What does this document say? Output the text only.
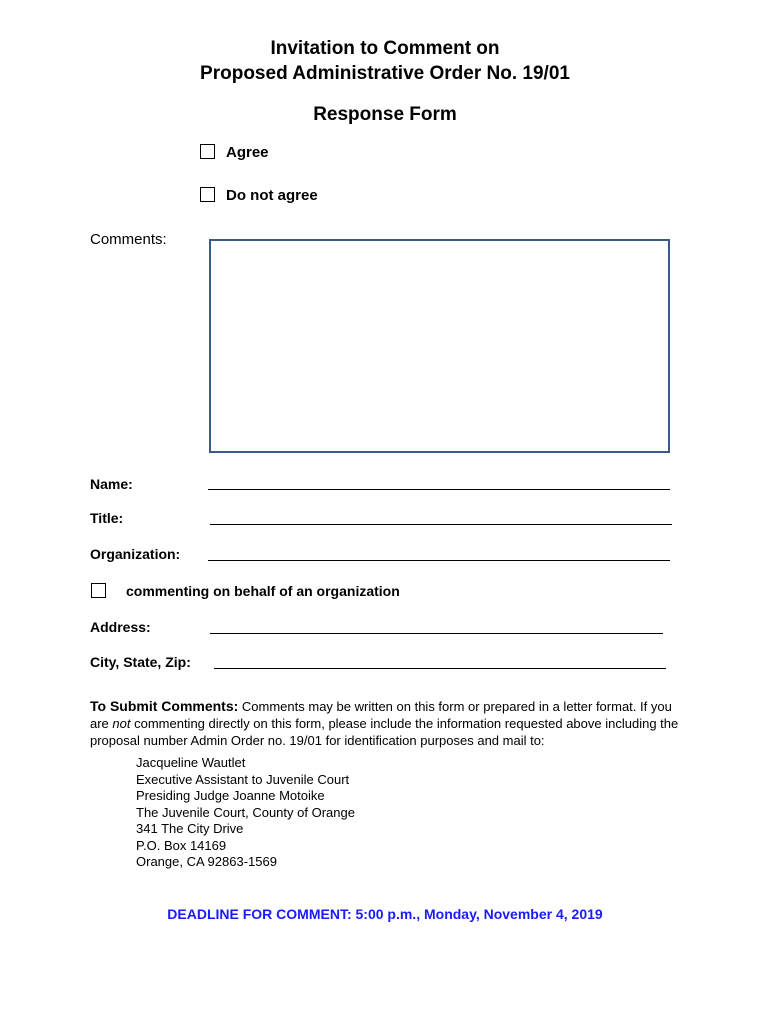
Invitation to Comment on
Proposed Administrative Order No. 19/01
Response Form
Agree
Do not agree
Comments:
Name:
Title:
Organization:
commenting on behalf of an organization
Address:
City, State, Zip:
To Submit Comments: Comments may be written on this form or prepared in a letter format. If you are not commenting directly on this form, please include the information requested above including the proposal number Admin Order no. 19/01 for identification purposes and mail to:
Jacqueline Wautlet
Executive Assistant to Juvenile Court
Presiding Judge Joanne Motoike
The Juvenile Court, County of Orange
341 The City Drive
P.O. Box 14169
Orange, CA 92863-1569
DEADLINE FOR COMMENT: 5:00 p.m., Monday, November 4, 2019
